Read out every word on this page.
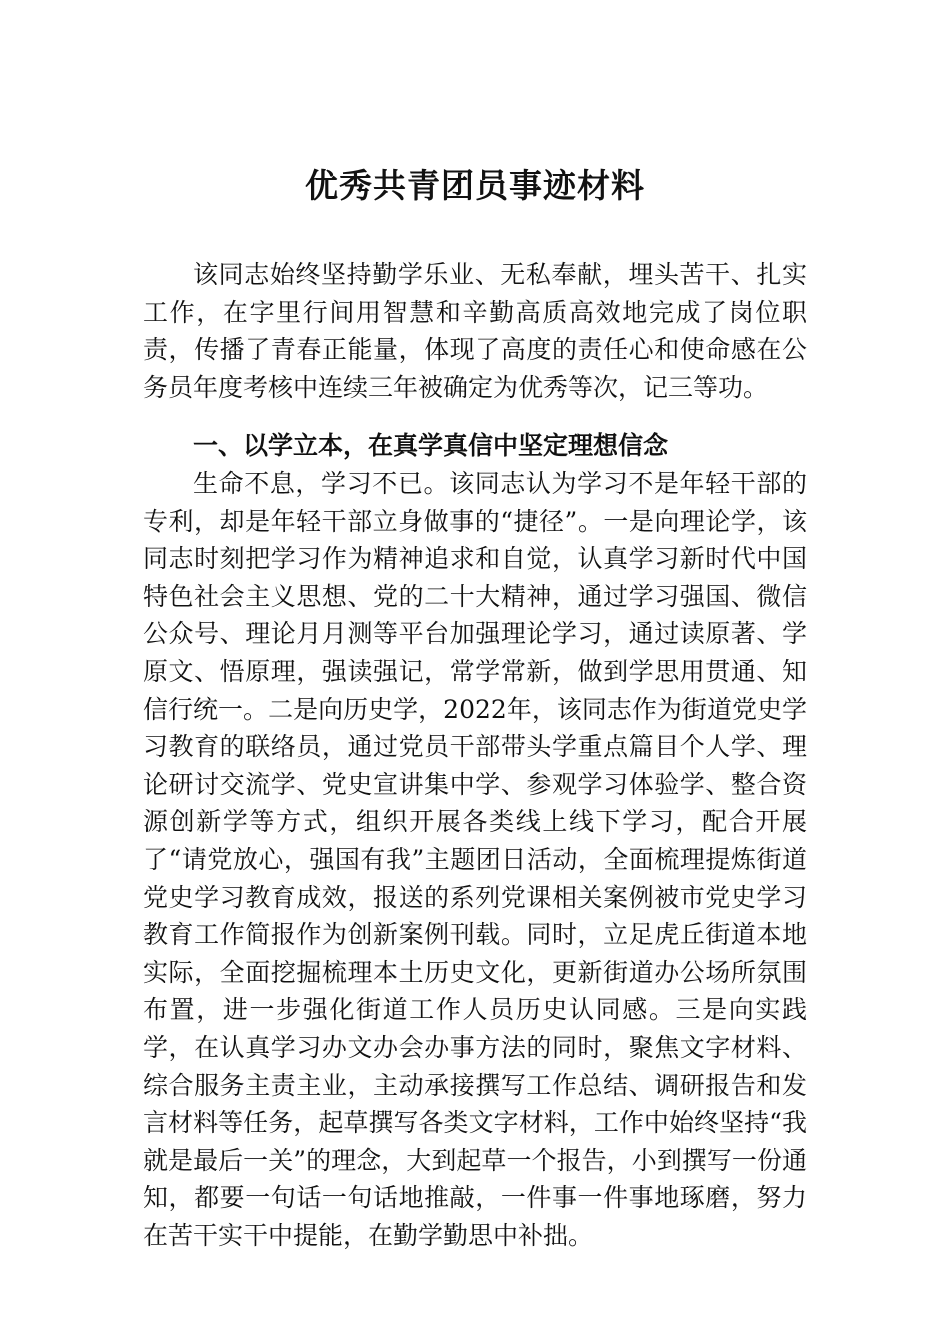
优秀共青团员事迹材料

该同志始终坚持勤学乐业、无私奉献，埋头苦干、扎实工作，在字里行间用智慧和辛勤高质高效地完成了岗位职责，传播了青春正能量，体现了高度的责任心和使命感在公务员年度考核中连续三年被确定为优秀等次，记三等功。

一、以学立本，在真学真信中坚定理想信念

生命不息，学习不已。该同志认为学习不是年轻干部的专利，却是年轻干部立身做事的“捷径”。一是向理论学，该同志时刻把学习作为精神追求和自觉，认真学习新时代中国特色社会主义思想、党的二十大精神，通过学习强国、微信公众号、理论月月测等平台加强理论学习，通过读原著、学原文、悟原理，强读强记，常学常新，做到学思用贯通、知信行统一。二是向历史学，2022年，该同志作为街道党史学习教育的联络员，通过党员干部带头学重点篇目个人学、理论研讨交流学、党史宣讲集中学、参观学习体验学、整合资源创新学等方式，组织开展各类线上线下学习，配合开展了“请党放心，强国有我”主题团日活动，全面梳理提炼街道党史学习教育成效，报送的系列党课相关案例被市党史学习教育工作简报作为创新案例刊载。同时，立足虎丘街道本地实际，全面挖掘梳理本土历史文化，更新街道办公场所氛围布置，进一步强化街道工作人员历史认同感。三是向实践学，在认真学习办文办会办事方法的同时，聚焦文字材料、综合服务主责主业，主动承接撰写工作总结、调研报告和发言材料等任务，起草撰写各类文字材料，工作中始终坚持“我就是最后一关”的理念，大到起草一个报告，小到撰写一份通知，都要一句话一句话地推敲，一件事一件事地琢磨，努力在苦干实干中提能，在勤学勤思中补拙。
